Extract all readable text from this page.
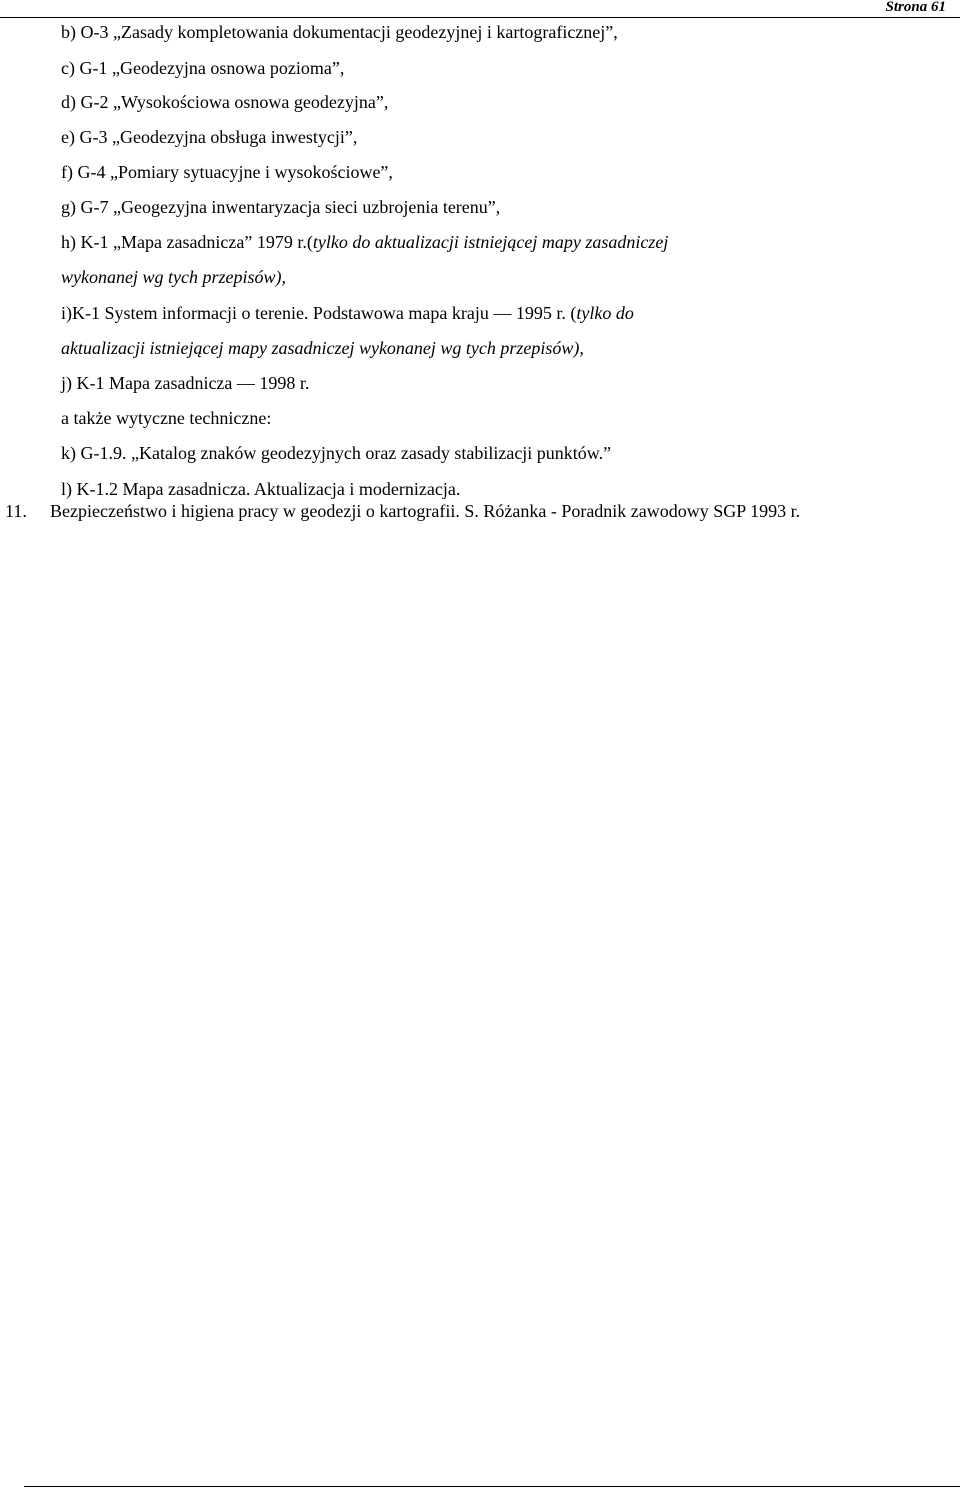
Strona 61
b) O-3 „Zasady kompletowania dokumentacji geodezyjnej i kartograficznej”,
c) G-1 „Geodezyjna osnowa pozioma”,
d) G-2 „Wysokościowa osnowa geodezyjna”,
e) G-3 „Geodezyjna obsługa inwestycji”,
f) G-4 „Pomiary sytuacyjne i wysokościowe”,
g) G-7 „Geogezyjna inwentaryzacja sieci uzbrojenia terenu”,
h) K-1 „Mapa zasadnicza” 1979 r.(tylko do aktualizacji istniejącej mapy zasadniczej
wykonanej wg tych przepisów),
i)K-1 System informacji o terenie. Podstawowa mapa kraju — 1995 r. (tylko do
aktualizacji istniejącej mapy zasadniczej wykonanej wg tych przepisów),
j) K-1 Mapa zasadnicza — 1998 r.
a także wytyczne techniczne:
k) G-1.9. „Katalog znaków geodezyjnych oraz zasady stabilizacji punktów.”
l) K-1.2 Mapa zasadnicza. Aktualizacja i modernizacja.
11. Bezpieczeństwo i higiena pracy w geodezji o kartografii. S. Różanka - Poradnik zawodowy SGP 1993 r.
